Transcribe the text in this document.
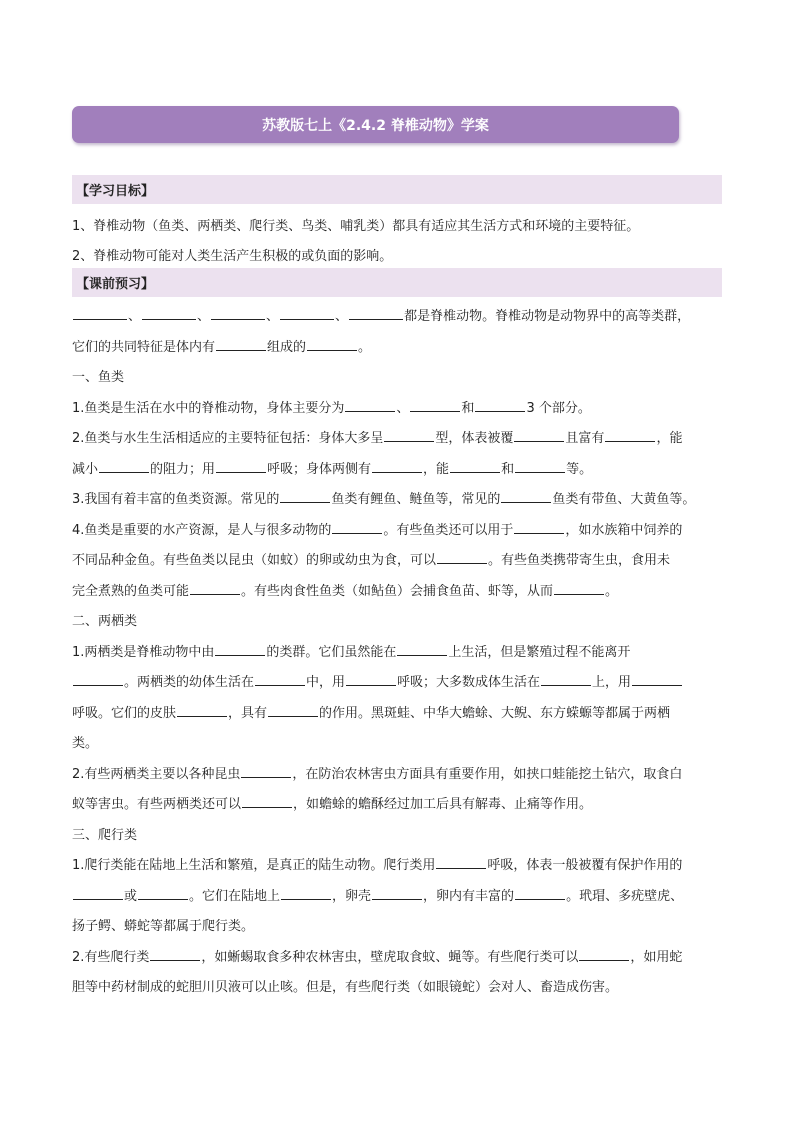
苏教版七上《2.4.2 脊椎动物》学案
【学习目标】

1、脊椎动物（鱼类、两栖类、爬行类、鸟类、哺乳类）都具有适应其生活方式和环境的主要特征。

2、脊椎动物可能对人类生活产生积极的或负面的影响。

【课前预习】

、	、	、	、	都是脊椎动物。脊椎动物是动物界中的高等类群，

它们的共同特征是体内有	组成的	。

一、鱼类

1.鱼类是生活在水中的脊椎动物，身体主要分为	、	和	3 个部分。

2.鱼类与水生生活相适应的主要特征包括：身体大多呈	型，体表被覆	且富有	，能

减小	的阻力；用	呼吸；身体两侧有	，能	和	等。

3.我国有着丰富的鱼类资源。常见的	鱼类有鲤鱼、鲢鱼等，常见的	鱼类有带鱼、大黄鱼等。

4.鱼类是重要的水产资源，是人与很多动物的	。有些鱼类还可以用于	，如水族箱中饲养的

不同品种金鱼。有些鱼类以昆虫（如蚊）的卵或幼虫为食，可以	。有些鱼类携带寄生虫，食用未

完全煮熟的鱼类可能	。有些肉食性鱼类（如鲇鱼）会捕食鱼苗、虾等，从而	。

二、两栖类

1.两栖类是脊椎动物中由	的类群。它们虽然能在	上生活，但是繁殖过程不能离开

。两栖类的幼体生活在	中，用	呼吸；大多数成体生活在	上，用

呼吸。它们的皮肤	，具有	的作用。黑斑蛙、中华大蟾蜍、大鲵、东方蝾螈等都属于两栖

类。

2.有些两栖类主要以各种昆虫	，在防治农林害虫方面具有重要作用，如挟口蛙能挖土钻穴，取食白

蚁等害虫。有些两栖类还可以	，如蟾蜍的蟾酥经过加工后具有解毒、止痛等作用。

三、爬行类

1.爬行类能在陆地上生活和繁殖，是真正的陆生动物。爬行类用	呼吸，体表一般被覆有保护作用的

或	。它们在陆地上	，卵壳	，卵内有丰富的	。玳瑁、多疣壁虎、

扬子鳄、蟒蛇等都属于爬行类。

2.有些爬行类	，如蜥蜴取食多种农林害虫，壁虎取食蚊、蝇等。有些爬行类可以	，如用蛇

胆等中药材制成的蛇胆川贝液可以止咳。但是，有些爬行类（如眼镜蛇）会对人、畜造成伤害。
